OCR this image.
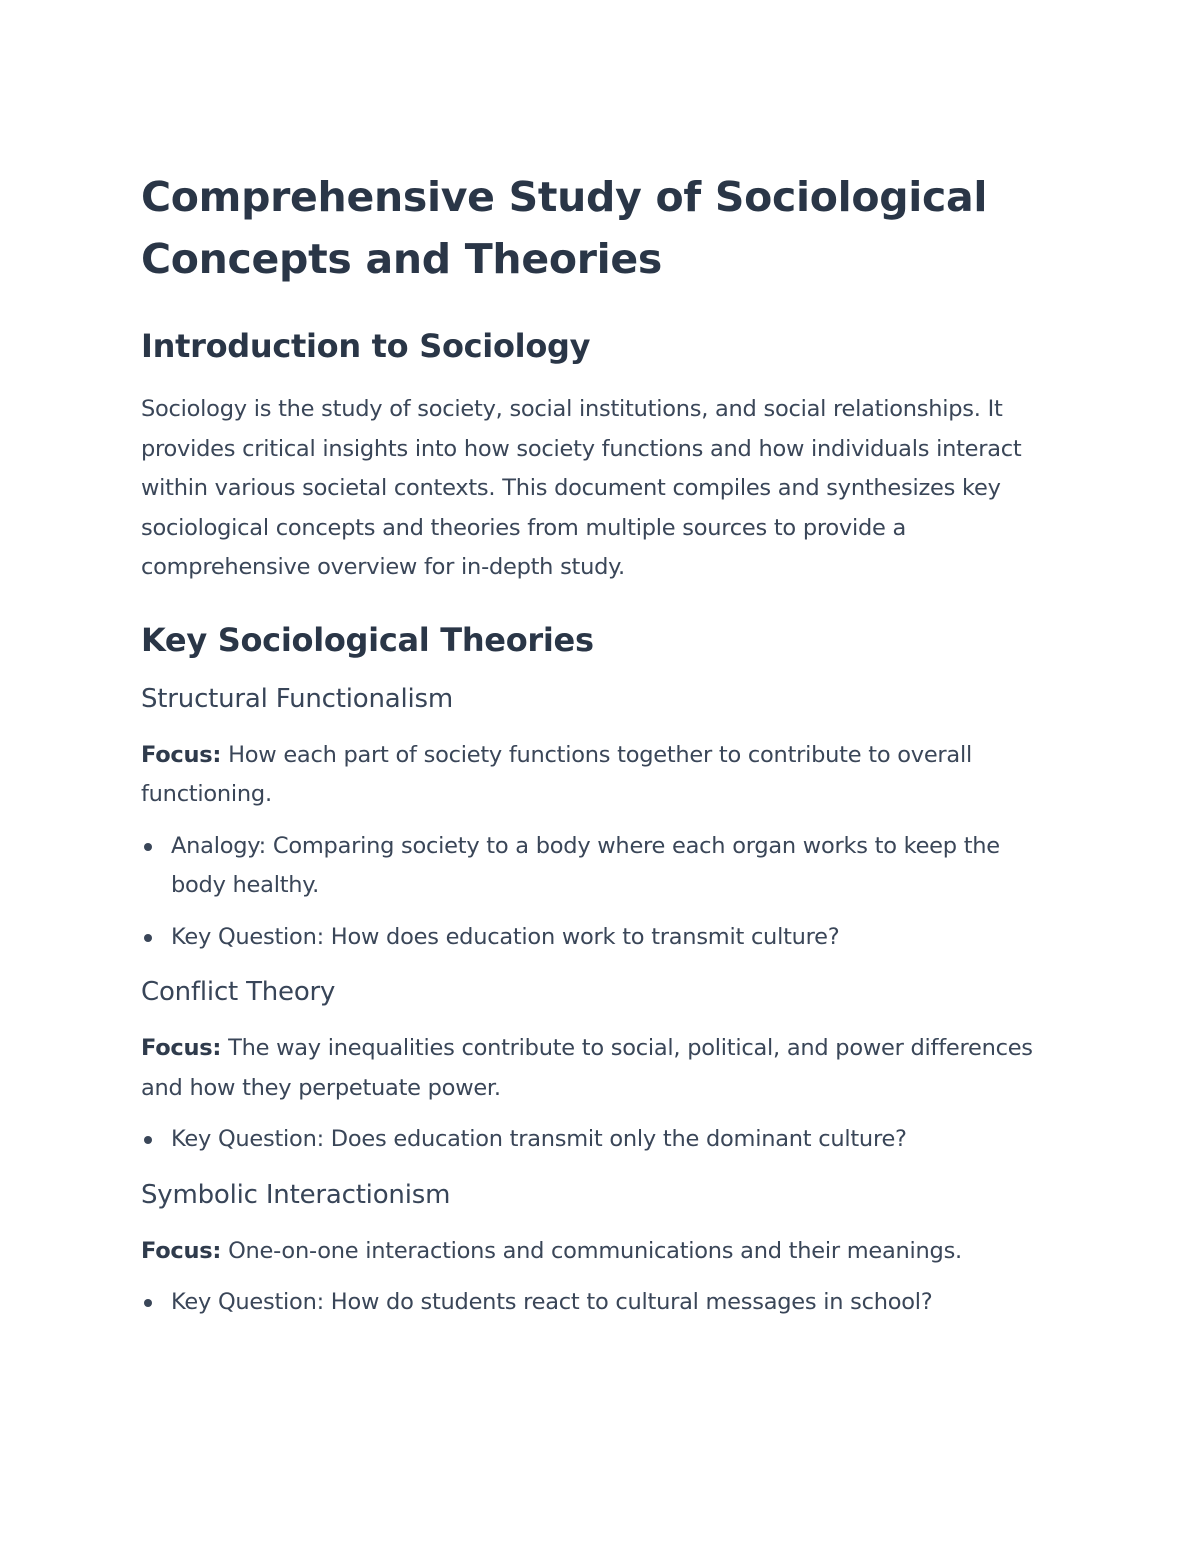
Comprehensive Study of Sociological Concepts and Theories
Introduction to Sociology

Sociology is the study of society, social institutions, and social relationships. It provides critical insights into how society functions and how individuals interact within various societal contexts. This document compiles and synthesizes key sociological concepts and theories from multiple sources to provide a comprehensive overview for in-depth study.

Key Sociological Theories
Structural Functionalism

Focus: How each part of society functions together to contribute to overall functioning.

Analogy: Comparing society to a body where each organ works to keep the body healthy.
Key Question: How does education work to transmit culture?
Conflict Theory

Focus: The way inequalities contribute to social, political, and power differences and how they perpetuate power.

Key Question: Does education transmit only the dominant culture?
Symbolic Interactionism

Focus: One-on-one interactions and communications and their meanings.

Key Question: How do students react to cultural messages in school?
